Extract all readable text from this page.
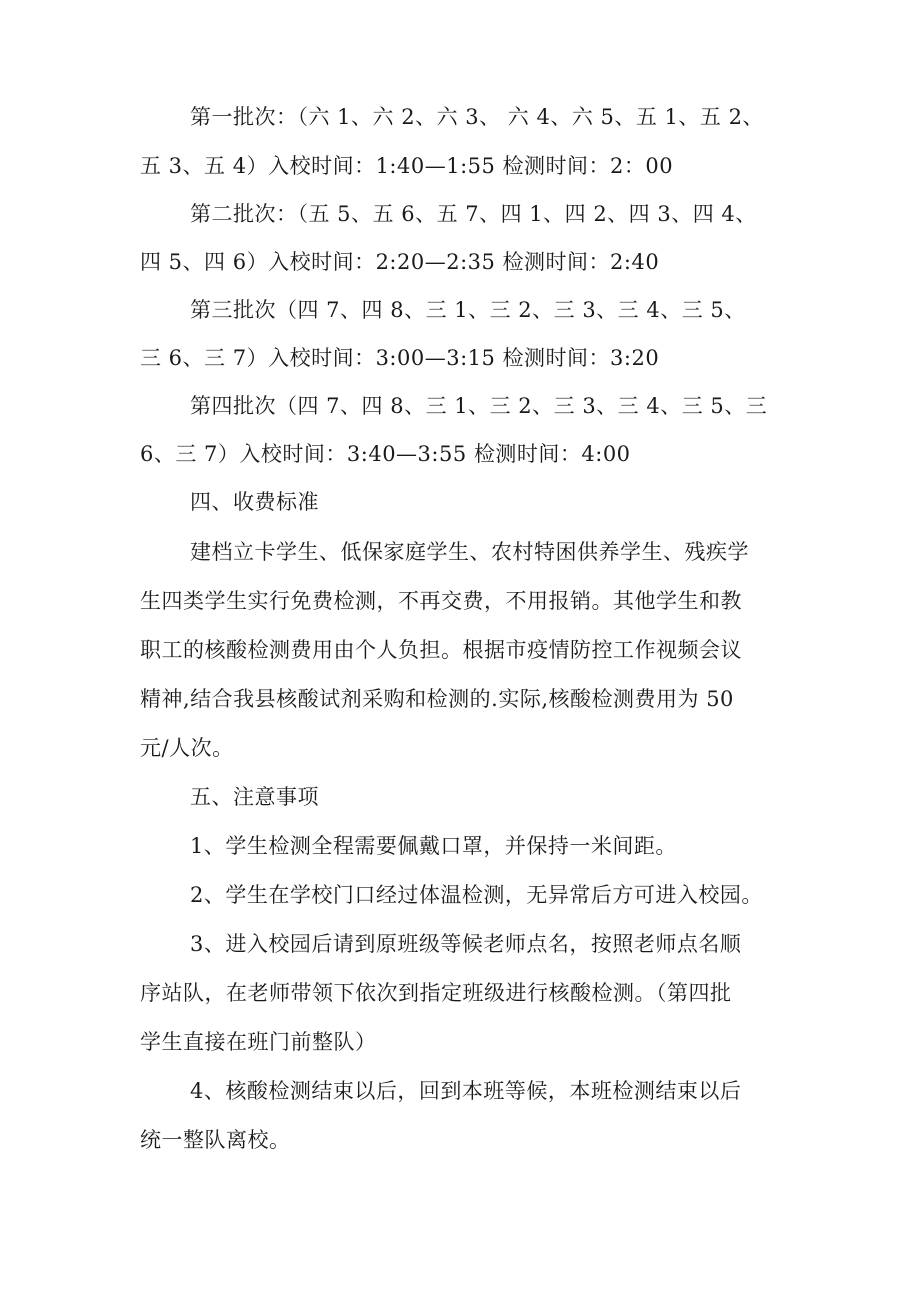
第一批次：（六 1、六 2、六 3、 六 4、六 5、五 1、五 2、
五 3、五 4）入校时间：1:40—1:55 检测时间：2：00
第二批次：（五 5、五 6、五 7、四 1、四 2、四 3、四 4、
四 5、四 6）入校时间：2:20—2:35 检测时间：2:40
第三批次（四 7、四 8、三 1、三 2、三 3、三 4、三 5、
三 6、三 7）入校时间：3:00—3:15 检测时间：3:20
第四批次（四 7、四 8、三 1、三 2、三 3、三 4、三 5、三
6、三 7）入校时间：3:40—3:55 检测时间：4:00
四、收费标准
建档立卡学生、低保家庭学生、农村特困供养学生、残疾学
生四类学生实行免费检测，不再交费，不用报销。其他学生和教
职工的核酸检测费用由个人负担。根据市疫情防控工作视频会议
精神,结合我县核酸试剂采购和检测的.实际,核酸检测费用为 50
元/人次。
五、注意事项
1、学生检测全程需要佩戴口罩，并保持一米间距。
2、学生在学校门口经过体温检测，无异常后方可进入校园。
3、进入校园后请到原班级等候老师点名，按照老师点名顺
序站队，在老师带领下依次到指定班级进行核酸检测。（第四批
学生直接在班门前整队）
4、核酸检测结束以后，回到本班等候，本班检测结束以后
统一整队离校。
